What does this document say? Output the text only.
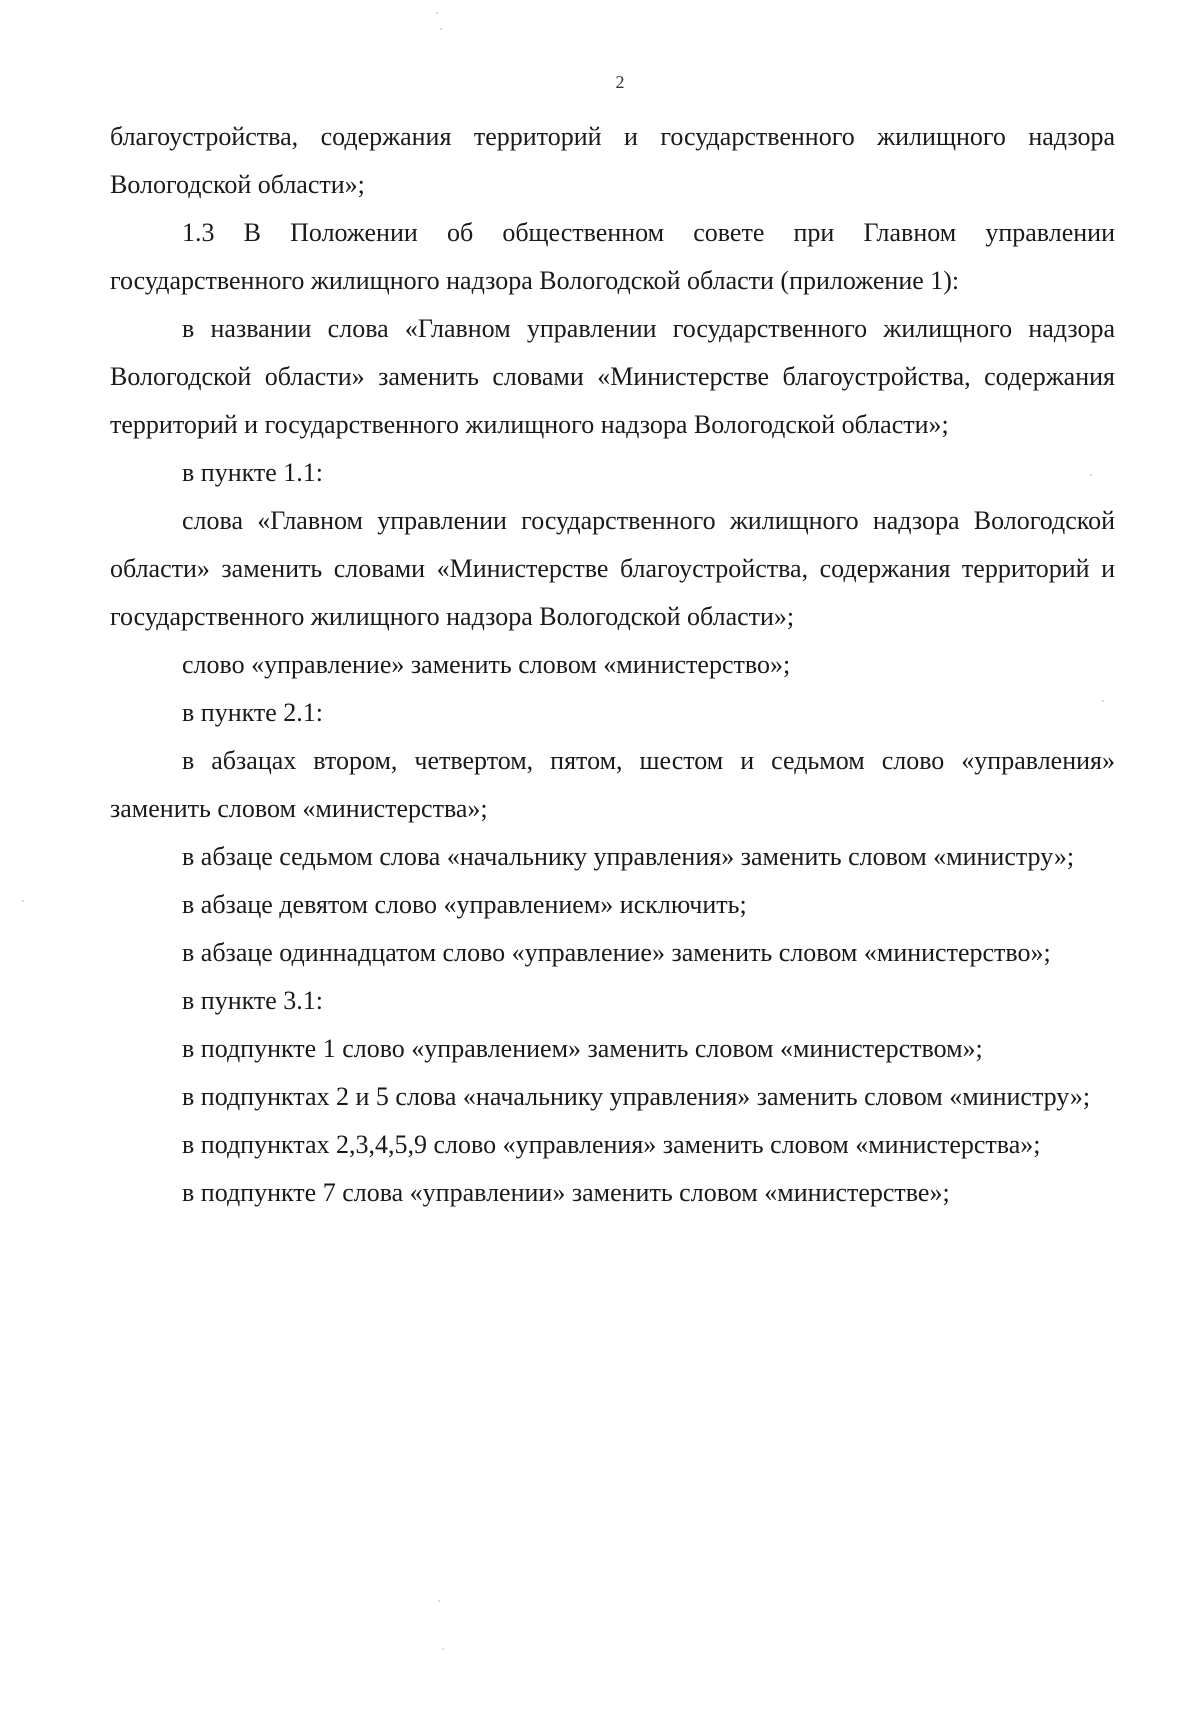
2

благоустройства, содержания территорий и государственного жилищного надзора Вологодской области»;

1.3 В Положении об общественном совете при Главном управлении государственного жилищного надзора Вологодской области (приложение 1):

в названии слова «Главном управлении государственного жилищного надзора Вологодской области» заменить словами «Министерстве благоустройства, содержания территорий и государственного жилищного надзора Вологодской области»;

в пункте 1.1:

слова «Главном управлении государственного жилищного надзора Вологодской области» заменить словами «Министерстве благоустройства, содержания территорий и государственного жилищного надзора Вологодской области»;

слово «управление» заменить словом «министерство»;

в пункте 2.1:

в абзацах втором, четвертом, пятом, шестом и седьмом слово «управления» заменить словом «министерства»;

в абзаце седьмом слова «начальнику управления» заменить словом «министру»;

в абзаце девятом слово «управлением» исключить;

в абзаце одиннадцатом слово «управление» заменить словом «министерство»;

в пункте 3.1:

в подпункте 1 слово «управлением» заменить словом «министерством»;

в подпунктах 2 и 5 слова «начальнику управления» заменить словом «министру»;

в подпунктах 2,3,4,5,9 слово «управления» заменить словом «министерства»;

в подпункте 7 слова «управлении» заменить словом «министерстве»;
